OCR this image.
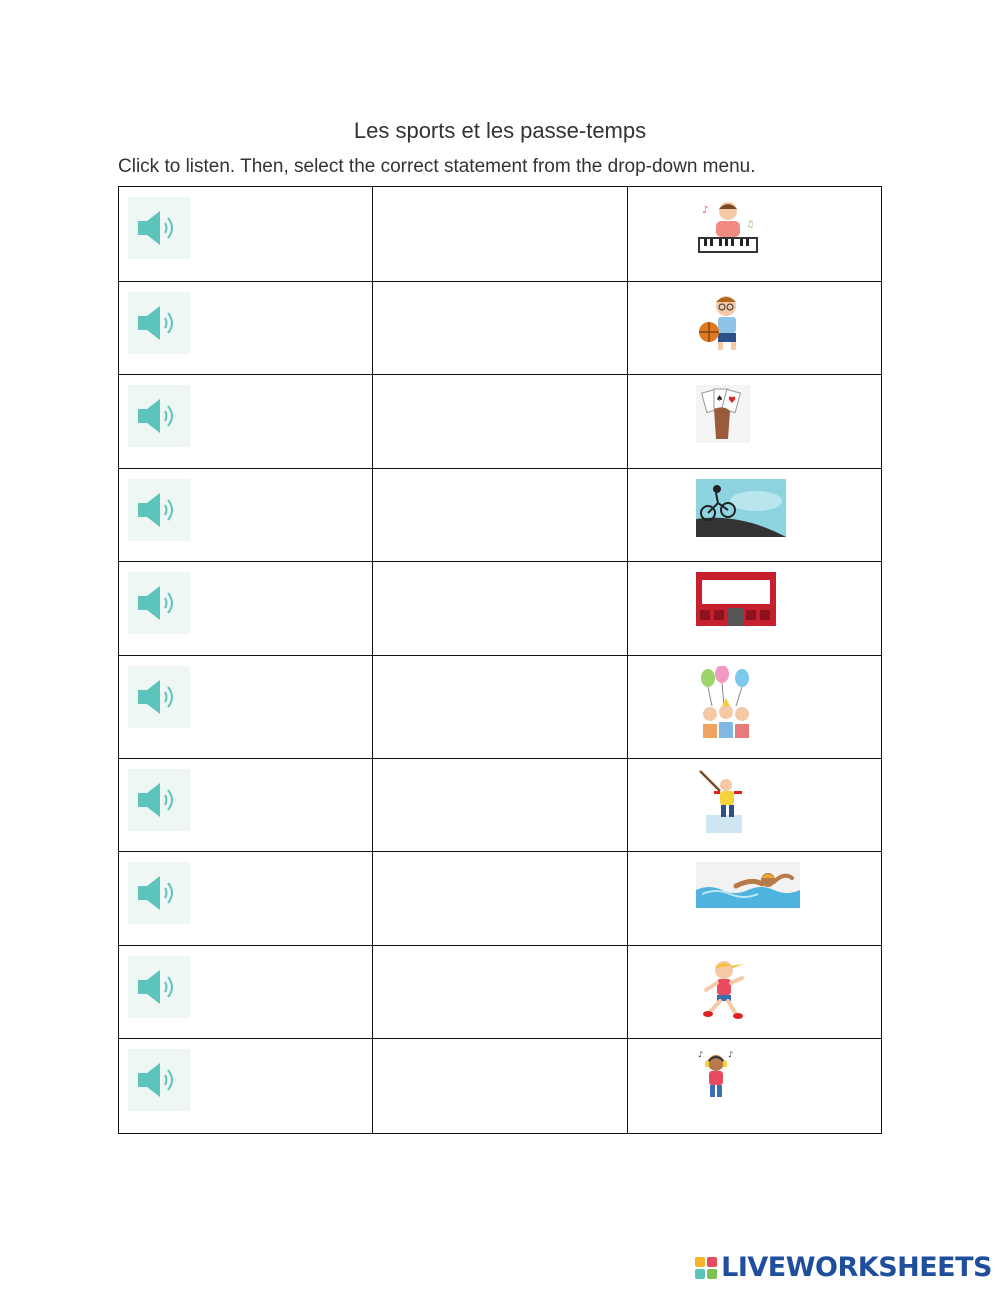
Les sports et les passe-temps
Click to listen. Then, select the correct statement from the drop-down menu.

♪
♫

♥
♠

♪ ♪
LIVEWORKSHEETS
